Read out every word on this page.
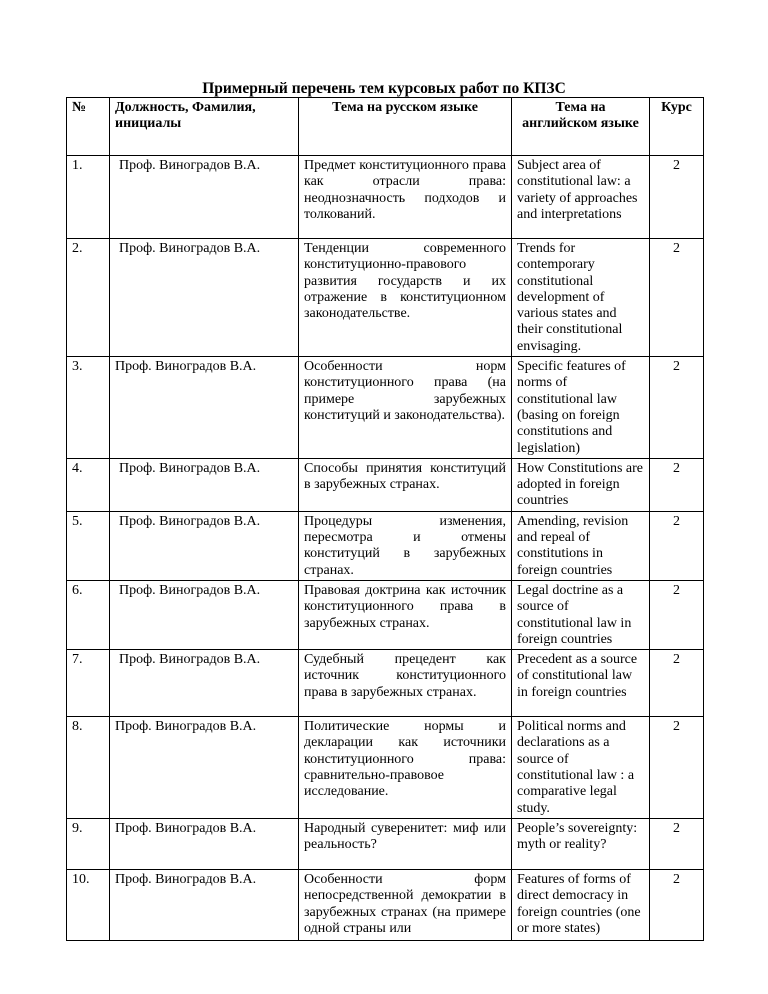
Примерный перечень тем курсовых работ по КПЗС
№	Должность, Фамилия, инициалы	Тема на русском языке	Тема на английском языке	Курс
1.	Проф. Виноградов В.А.	Предмет конституционного права как отрасли права: неоднозначность подходов и толкований.	Subject area of constitutional law: a variety of approaches and interpretations	2
2.	Проф. Виноградов В.А.	Тенденции современного конституционно-правового развития государств и их отражение в конституционном законодательстве.	Trends for contemporary constitutional development of various states and their constitutional envisaging.	2
3.	Проф. Виноградов В.А.	Особенности норм конституционного права (на примере зарубежных конституций и законодательства).	Specific features of norms of constitutional law (basing on foreign constitutions and legislation)	2
4.	Проф. Виноградов В.А.	Способы принятия конституций в зарубежных странах.	How Constitutions are adopted in foreign countries	2
5.	Проф. Виноградов В.А.	Процедуры изменения, пересмотра и отмены конституций в зарубежных странах.	Amending, revision and repeal of constitutions in foreign countries	2
6.	Проф. Виноградов В.А.	Правовая доктрина как источник конституционного права в зарубежных странах.	Legal doctrine as a source of constitutional law in foreign countries	2
7.	Проф. Виноградов В.А.	Судебный прецедент как источник конституционного права в зарубежных странах.	Precedent as a source of constitutional law in foreign countries	2
8.	Проф. Виноградов В.А.	Политические нормы и декларации как источники конституционного права: сравнительно-правовое исследование.	Political norms and declarations as a source of constitutional law : a comparative legal study.	2
9.	Проф. Виноградов В.А.	Народный суверенитет: миф или реальность?	People’s sovereignty: myth or reality?	2
10.	Проф. Виноградов В.А.	Особенности форм непосредственной демократии в зарубежных странах (на примере одной страны или	Features of forms of direct democracy in foreign countries (one or more states)	2
